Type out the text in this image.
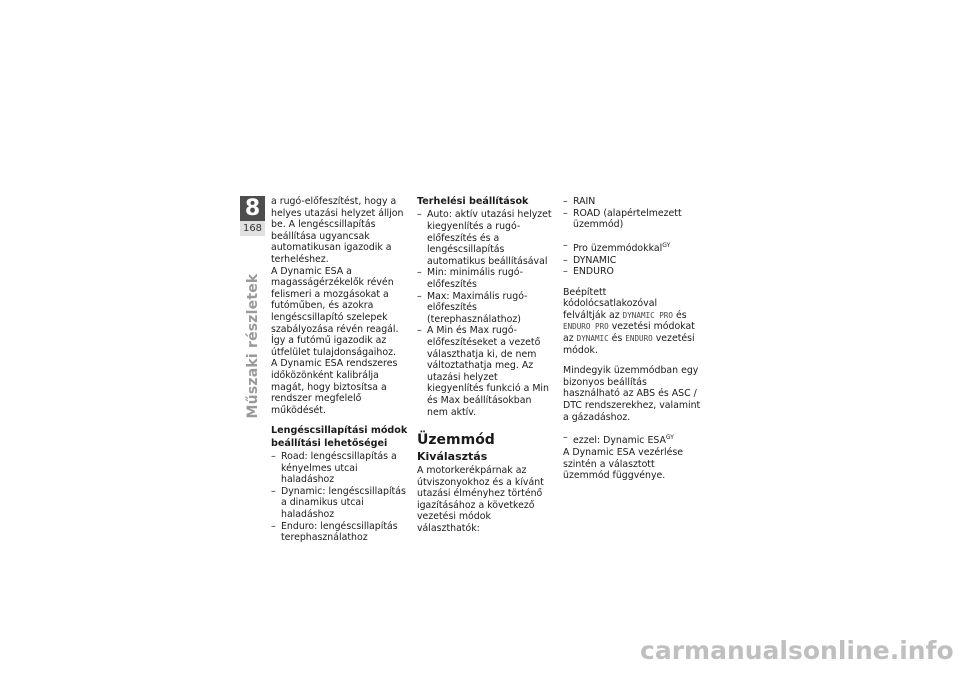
8
168
Műszaki részletek

a rugó-előfeszítést, hogy a helyes utazási helyzet álljon be. A lengéscsillapítás beállítása ugyancsak automatikusan igazodik a terheléshez.

A Dynamic ESA a magasságérzékelők révén felismeri a mozgásokat a futóműben, és azokra lengéscsillapító szelepek szabályozása révén reagál. Így a futómű igazodik az útfelület tulajdonságaihoz.

A Dynamic ESA rendszeres időközönként kalibrálja magát, hogy biztosítsa a rendszer megfelelő működését.

Lengéscsillapítási módok beállítási lehetőségei
– Road: lengéscsillapítás a kényelmes utcai haladáshoz
– Dynamic: lengéscsillapítás a dinamikus utcai haladáshoz
– Enduro: lengéscsillapítás terephasználathoz
Terhelési beállítások
– Auto: aktív utazási helyzet kiegyenlítés a rugó-előfeszítés és a lengéscsillapítás automatikus beállításával
– Min: minimális rugó-előfeszítés
– Max: Maximális rugó-előfeszítés (terephasználathoz)
– A Min és Max rugó-előfeszítéseket a vezető választhatja ki, de nem változtathatja meg. Az utazási helyzet kiegyenlítés funkció a Min és Max beállításokban nem aktív.
Üzemmód
Kiválasztás

A motorkerékpárnak az útviszonyokhoz és a kívánt utazási élményhez történő igazításához a következő vezetési módok választhatók:

– RAIN
– ROAD (alapértelmezett üzemmód)
– Pro üzemmódokkal$^{GY}$
– DYNAMIC
– ENDURO

Beépített kódolócsatlakozóval felváltják az DYNAMIC PRO és ENDURO PRO vezetési módokat az DYNAMIC és ENDURO vezetési módok.

Mindegyik üzemmódban egy bizonyos beállítás használható az ABS és ASC / DTC rendszerekhez, valamint a gázadáshoz.

– ezzel: Dynamic $ESA^{GY}$

A Dynamic ESA vezérlése szintén a választott üzemmód függvénye.

carmanualsonline.info
